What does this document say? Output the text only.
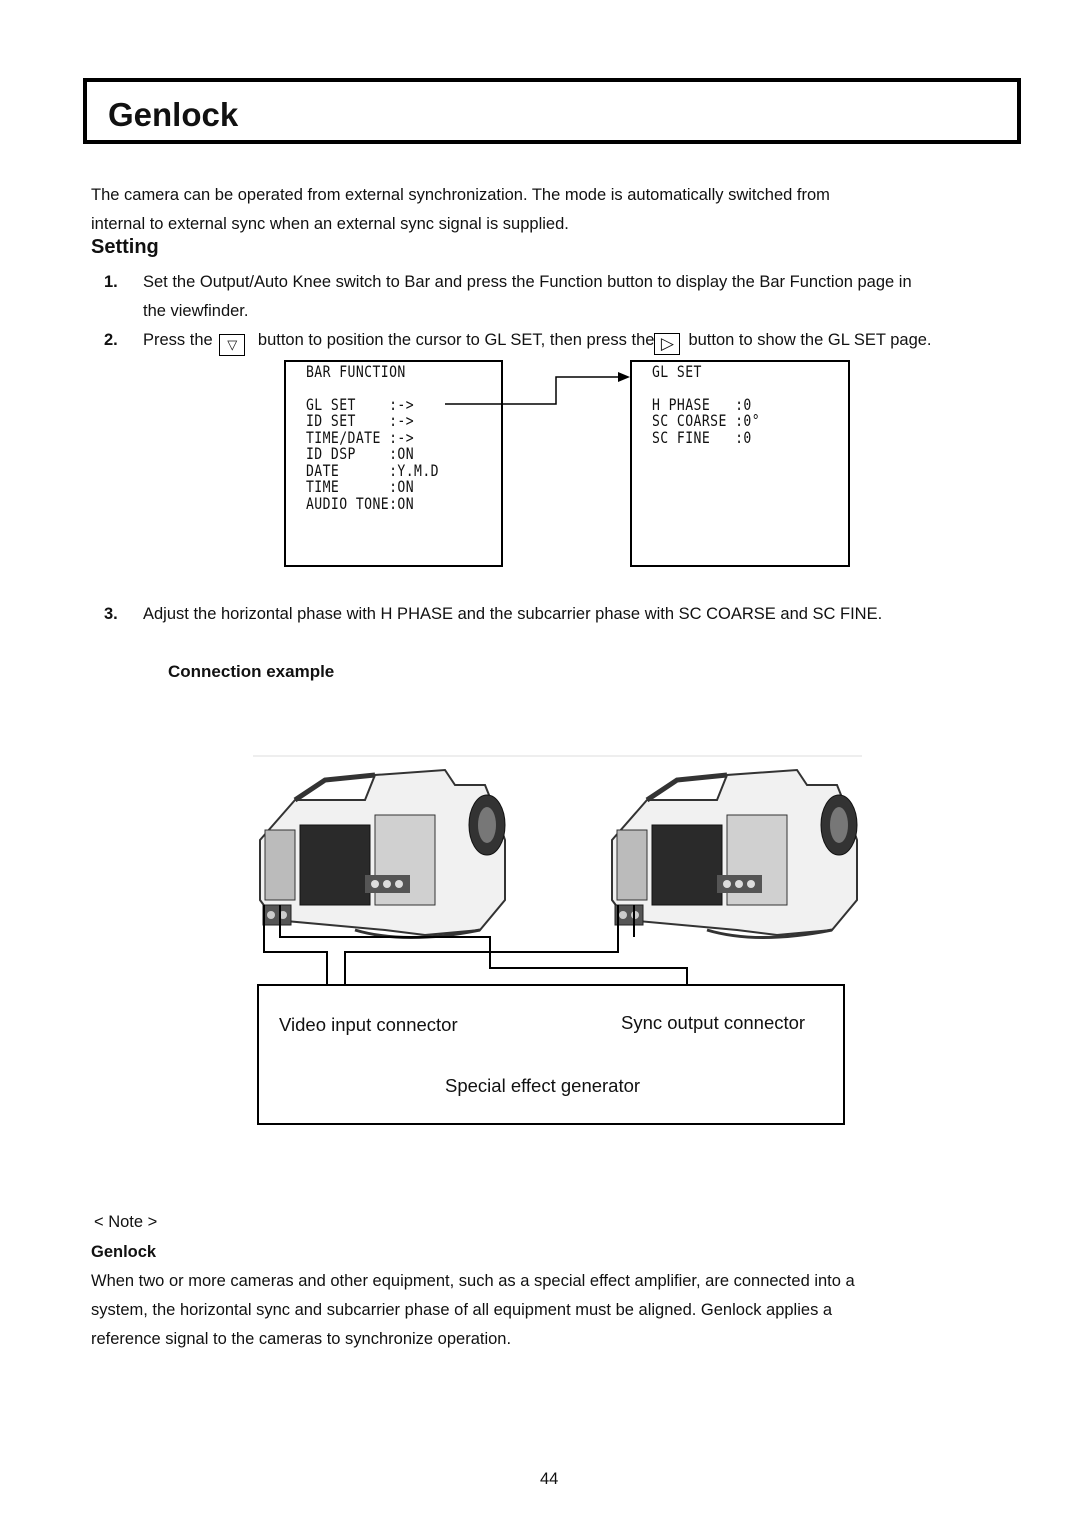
Genlock
The camera can be operated from external synchronization. The mode is automatically switched from
internal to external sync when an external sync signal is supplied.
Setting
1. Set the Output/Auto Knee switch to Bar and press the Function button to display the Bar Function page in
the viewfinder.
2. Press the ▽ button to position the cursor to GL SET, then press the ▷ button to show the GL SET page.
BAR FUNCTION
GL SET    :->
ID SET    :->
TIME/DATE :->
ID DSP    :ON
DATE      :Y.M.D
TIME      :ON
AUDIO TONE:ON
GL SET
H PHASE   :0
SC COARSE :0°
SC FINE   :0
3. Adjust the horizontal phase with H PHASE and the subcarrier phase with SC COARSE and SC FINE.
Connection example
Video input connector	Sync output connector
Special effect generator
< Note >
Genlock
When two or more cameras and other equipment, such as a special effect amplifier, are connected into a
system, the horizontal sync and subcarrier phase of all equipment must be aligned. Genlock applies a
reference signal to the cameras to synchronize operation.
44
